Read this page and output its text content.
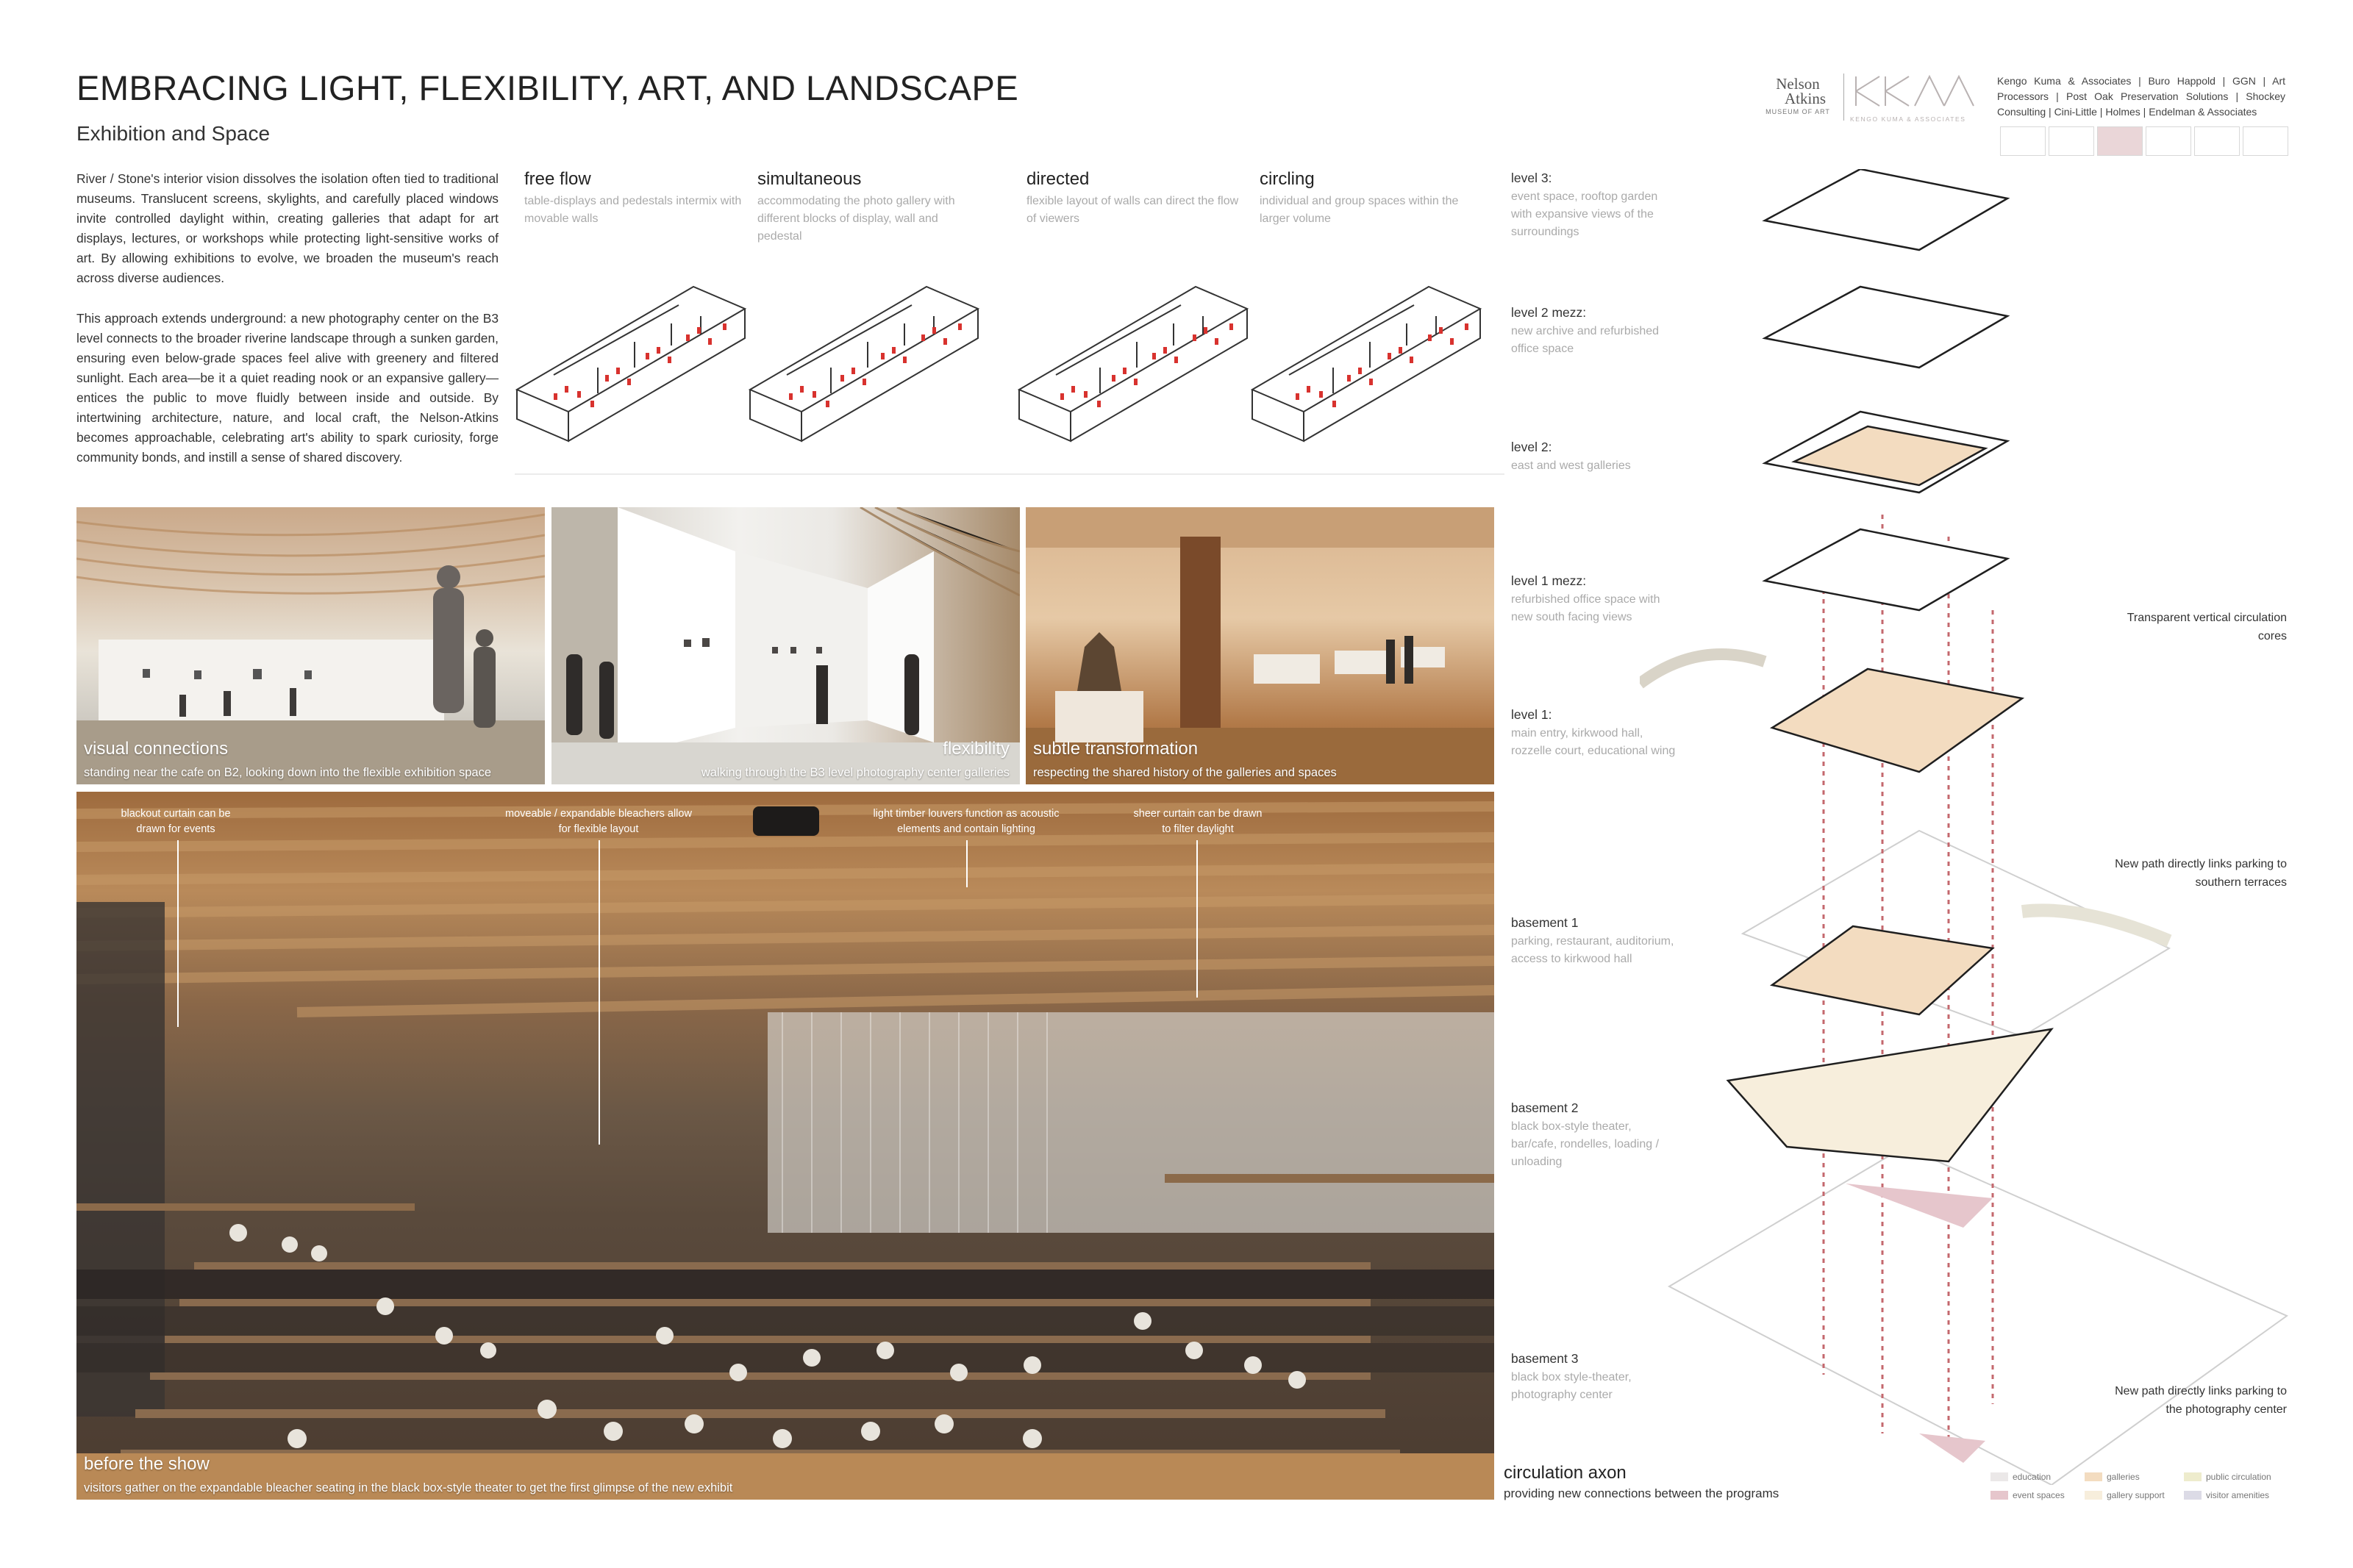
EMBRACING LIGHT, FLEXIBILITY, ART, AND LANDSCAPE
Exhibition and Space
River / Stone's interior vision dissolves the isolation often tied to traditional museums. Translucent screens, skylights, and carefully placed windows invite controlled daylight within, creating galleries that adapt for art displays, lectures, or workshops while protecting light-sensitive works of art. By allowing exhibitions to evolve, we broaden the museum's reach across diverse audiences.
This approach extends underground: a new photography center on the B3 level connects to the broader riverine landscape through a sunken garden, ensuring even below-grade spaces feel alive with greenery and filtered sunlight. Each area—be it a quiet reading nook or an expansive gallery—entices the public to move fluidly between inside and outside. By intertwining architecture, nature, and local craft, the Nelson-Atkins becomes approachable, celebrating art's ability to spark curiosity, forge community bonds, and instill a sense of shared discovery.
Nelson
Atkins
MUSEUM OF ART
KENGO KUMA & ASSOCIATES
Kengo Kuma & Associates | Buro Happold | GGN | Art Processors | Post Oak Preservation Solutions | Shockey Consulting | Cini-Little | Holmes | Endelman & Associates
free flow
table-displays and pedestals intermix with movable walls
simultaneous
accommodating the photo gallery with different blocks of display, wall and pedestal
directed
flexible layout of walls can direct the flow of viewers
circling
individual and group spaces within the larger volume
visual connections
standing near the cafe on B2, looking down into the flexible exhibition space
flexibility
walking through the B3 level photography center galleries
subtle transformation
respecting the shared history of the galleries and spaces
blackout curtain can be drawn for events
moveable / expandable bleachers allow for flexible layout
light timber louvers function as acoustic elements and contain lighting
sheer curtain can be drawn to filter daylight
before the show
visitors gather on the expandable bleacher seating in the black box-style theater to get the first glimpse of the new exhibit
level 3:
event space, rooftop garden with expansive views of the surroundings
level 2 mezz:
new archive and refurbished office space
level 2:
east and west galleries
level 1 mezz:
refurbished office space with new south facing views
level 1:
main entry, kirkwood hall, rozzelle court, educational wing
basement 1
parking, restaurant, auditorium, access to kirkwood hall
basement 2
black box-style theater, bar/cafe, rondelles, loading / unloading
basement 3
black box style-theater, photography center
Transparent vertical circulation cores
New path directly links parking to southern terraces
New path directly links parking to the photography center
circulation axon
providing new connections between the programs
education	galleries	public circulation
event spaces	gallery support	visitor amenities
